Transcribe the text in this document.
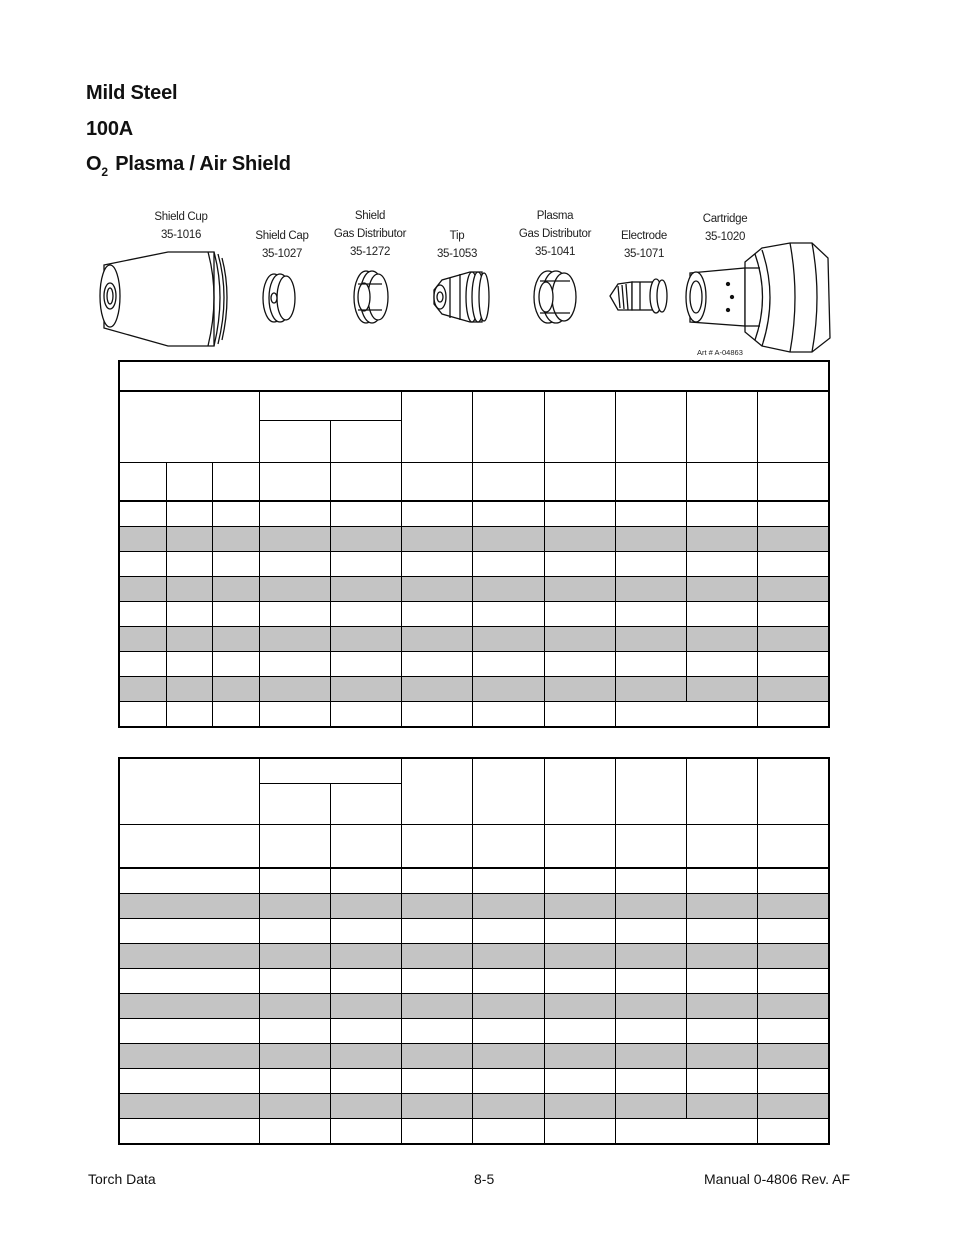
Mild Steel
100A
$O_2$ Plasma / Air Shield
Shield Cup
35-1016	Shield Cap
35-1027
Shield
Gas Distributor
35-1272
Tip
35-1053
Plasma
Gas Distributor
35-1041
Electrode
35-1071
Cartridge
35-1020
Art # A-04863

Torch Data	8-5	Manual 0-4806 Rev. AF
